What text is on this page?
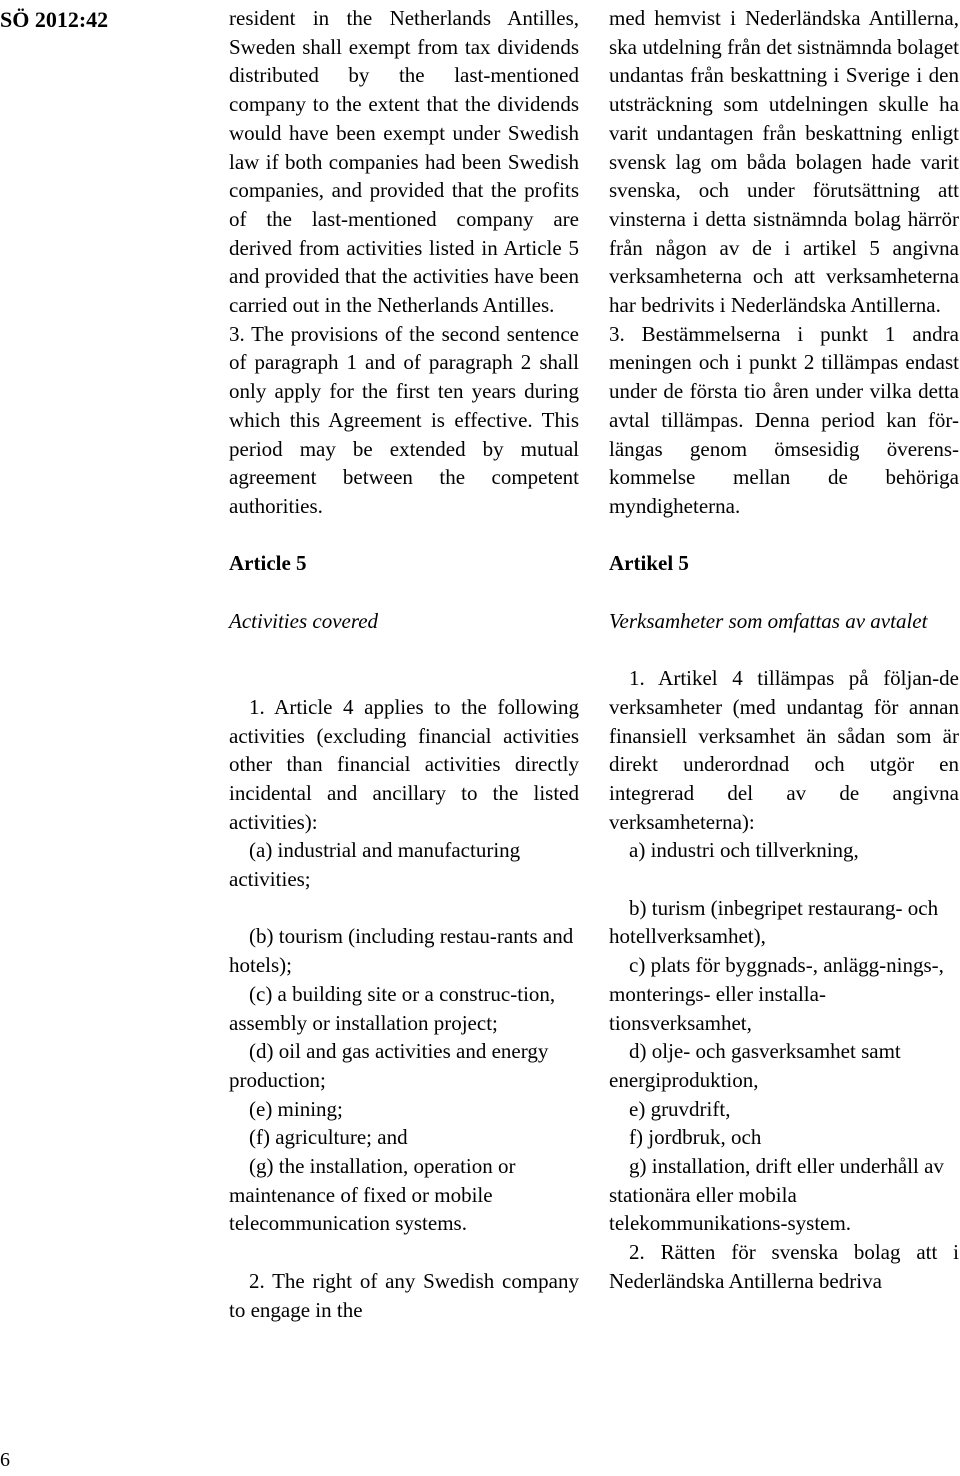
SÖ 2012:42
6

resident in the Netherlands Antilles, Sweden shall exempt from tax dividends distributed by the last-mentioned company to the extent that the dividends would have been exempt under Swedish law if both companies had been Swedish companies, and provided that the profits of the last-mentioned company are derived from activities listed in Article 5 and provided that the activities have been carried out in the Netherlands Antilles.

3. The provisions of the second sentence of paragraph 1 and of paragraph 2 shall only apply for the first ten years during which this Agreement is effective. This period may be extended by mutual agreement between the competent authorities.

Article 5

Activities covered

1. Article 4 applies to the following activities (excluding financial activities other than financial activities directly incidental and ancillary to the listed activities):

(a) industrial and manufacturing activities;

(b) tourism (including restau-rants and hotels);

(c) a building site or a construc-tion, assembly or installation project;

(d) oil and gas activities and energy production;

(e) mining;

(f) agriculture; and

(g) the installation, operation or maintenance of fixed or mobile telecommunication systems.

2. The right of any Swedish company to engage in the

med hemvist i Nederländska Antillerna, ska utdelning från det sistnämnda bolaget undantas från beskattning i Sverige i den utsträckning som utdelningen skulle ha varit undantagen från beskattning enligt svensk lag om båda bolagen hade varit svenska, och under förutsättning att vinsterna i detta sistnämnda bolag härrör från någon av de i artikel 5 angivna verksamheterna och att verksamheterna har bedrivits i Nederländska Antillerna.

3. Bestämmelserna i punkt 1 andra meningen och i punkt 2 tillämpas endast under de första tio åren under vilka detta avtal tillämpas. Denna period kan för-längas genom ömsesidig överens-kommelse mellan de behöriga myndigheterna.

Artikel 5

Verksamheter som omfattas av avtalet

1. Artikel 4 tillämpas på följan-de verksamheter (med undantag för annan finansiell verksamhet än sådan som är direkt underordnad och utgör en integrerad del av de angivna verksamheterna):

a) industri och tillverkning,

b) turism (inbegripet restaurang- och hotellverksamhet),

c) plats för byggnads-, anlägg-nings-, monterings- eller installa-tionsverksamhet,

d) olje- och gasverksamhet samt energiproduktion,

e) gruvdrift,

f) jordbruk, och

g) installation, drift eller underhåll av stationära eller mobila telekommunikations-system.

2. Rätten för svenska bolag att i Nederländska Antillerna bedriva
